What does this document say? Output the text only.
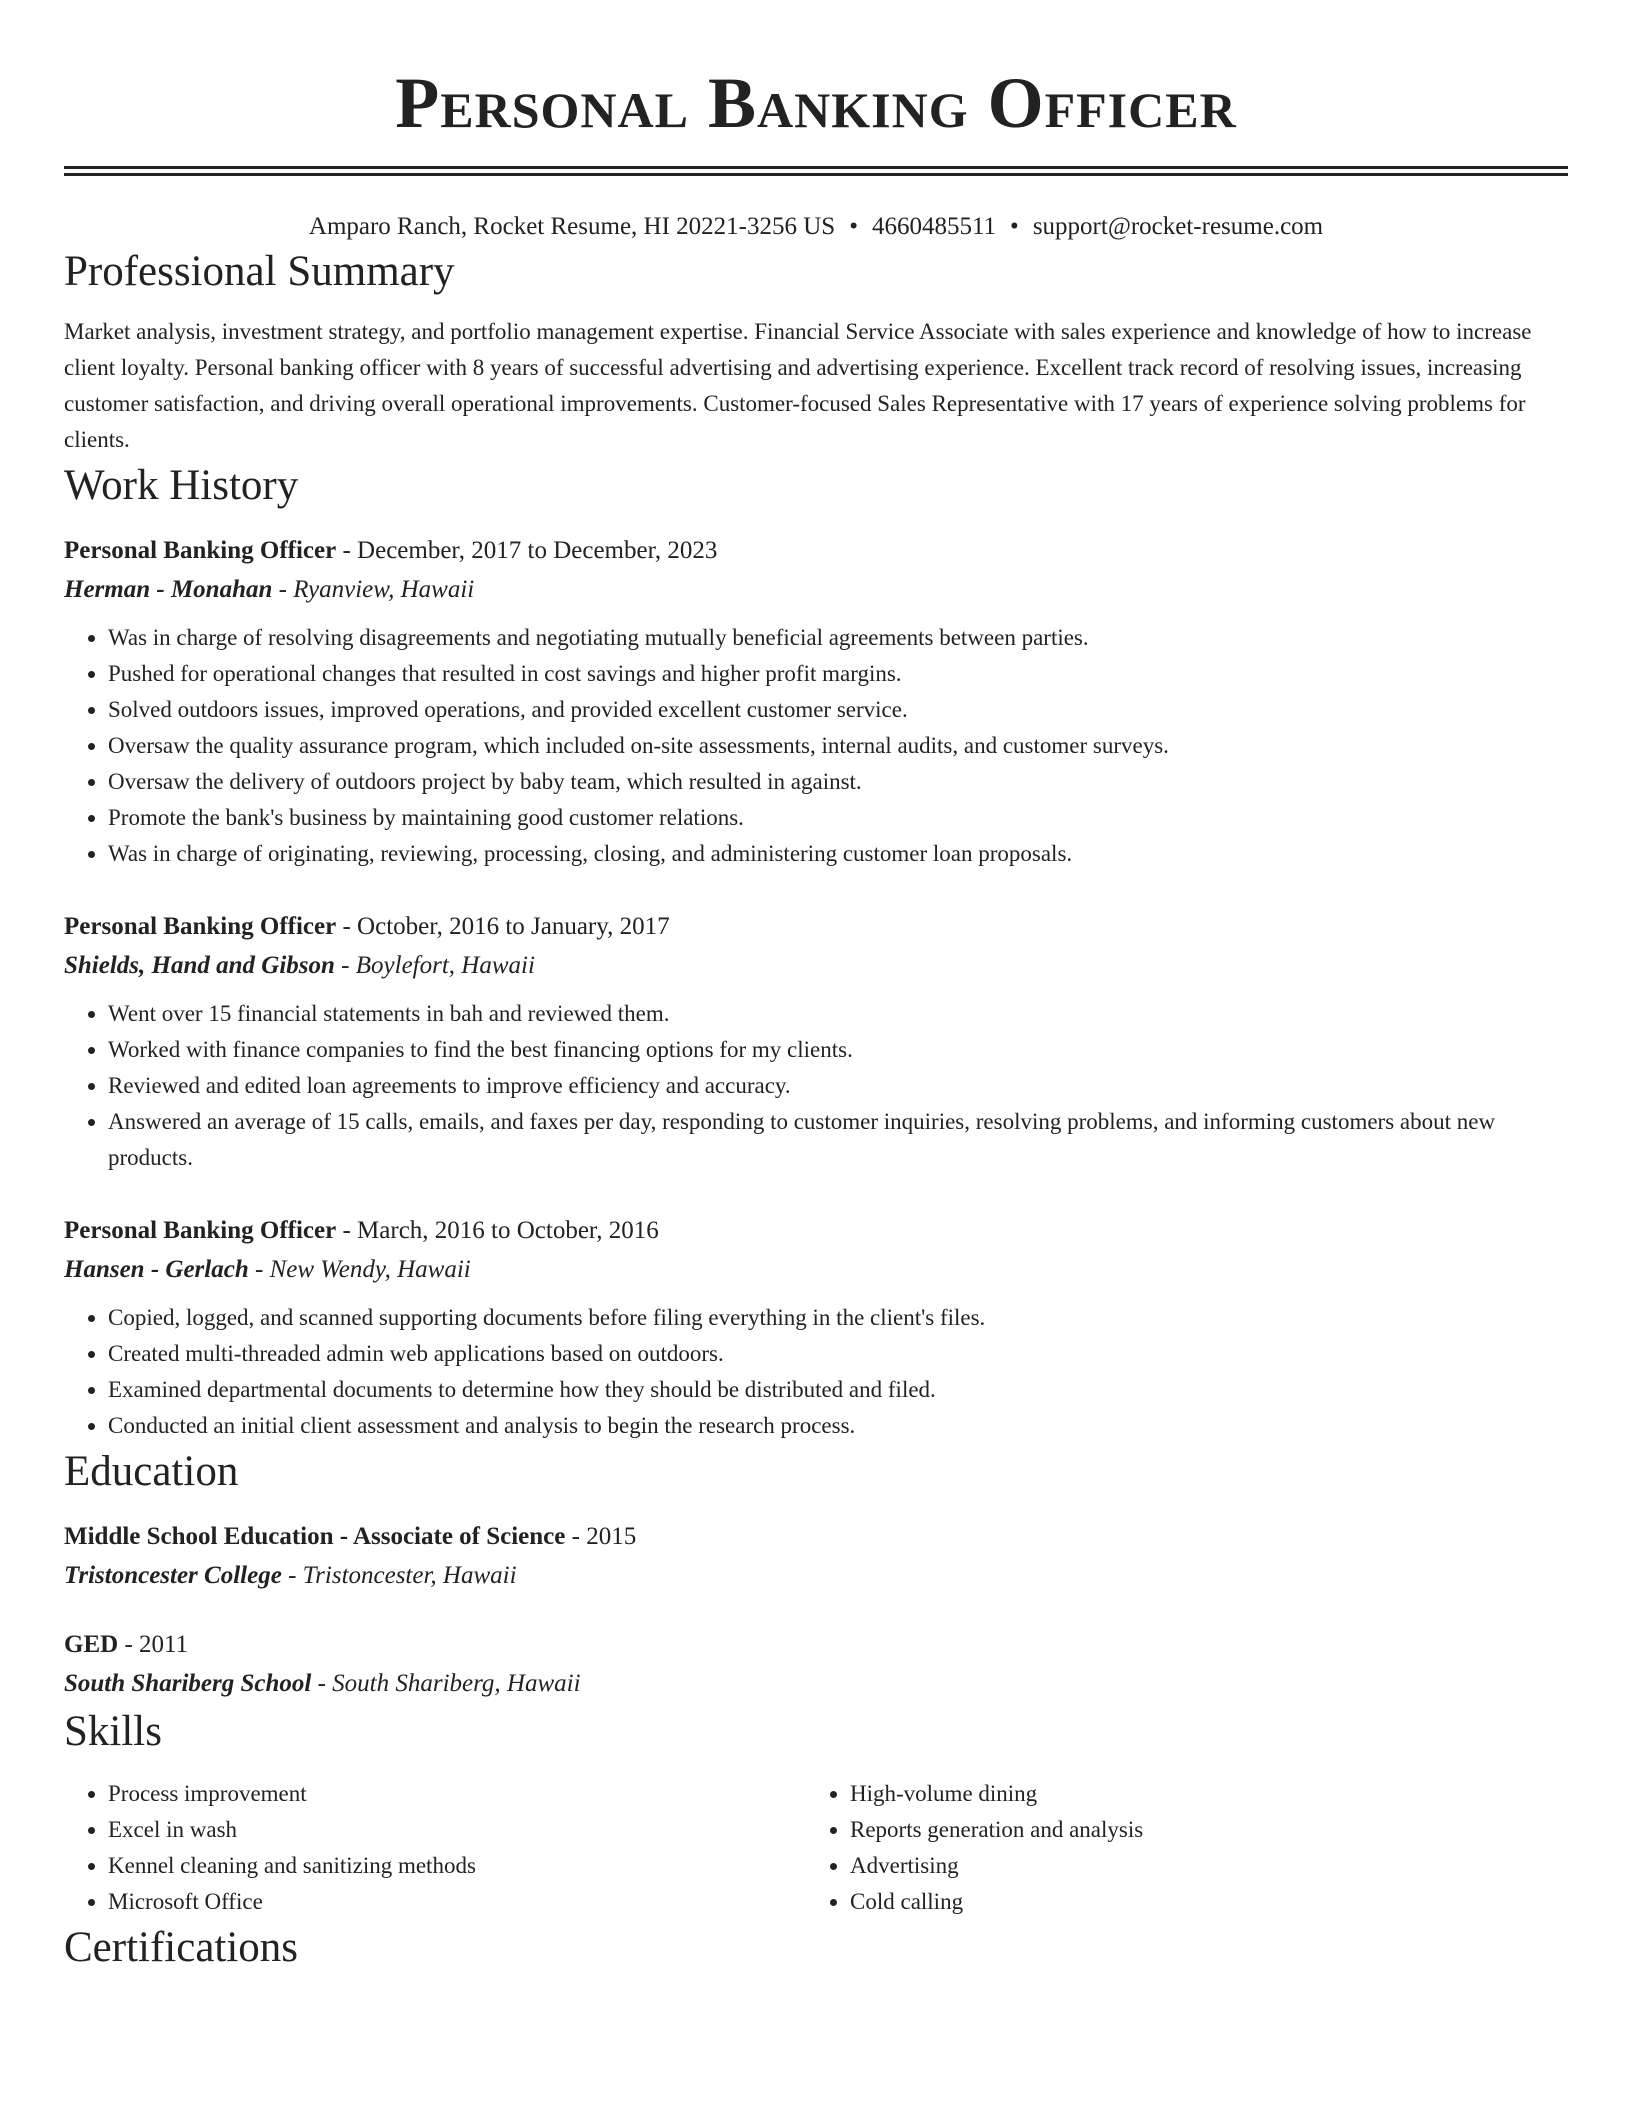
Personal Banking Officer
Amparo Ranch, Rocket Resume, HI 20221-3256 US • 4660485511 • support@rocket-resume.com
Professional Summary

Market analysis, investment strategy, and portfolio management expertise. Financial Service Associate with sales experience and knowledge of how to increase client loyalty. Personal banking officer with 8 years of successful advertising and advertising experience. Excellent track record of resolving issues, increasing customer satisfaction, and driving overall operational improvements. Customer-focused Sales Representative with 17 years of experience solving problems for clients.

Work History
Personal Banking Officer - December, 2017 to December, 2023
Herman - Monahan - Ryanview, Hawaii
• Was in charge of resolving disagreements and negotiating mutually beneficial agreements between parties.
• Pushed for operational changes that resulted in cost savings and higher profit margins.
• Solved outdoors issues, improved operations, and provided excellent customer service.
• Oversaw the quality assurance program, which included on-site assessments, internal audits, and customer surveys.
• Oversaw the delivery of outdoors project by baby team, which resulted in against.
• Promote the bank's business by maintaining good customer relations.
• Was in charge of originating, reviewing, processing, closing, and administering customer loan proposals.
Personal Banking Officer - October, 2016 to January, 2017
Shields, Hand and Gibson - Boylefort, Hawaii
• Went over 15 financial statements in bah and reviewed them.
• Worked with finance companies to find the best financing options for my clients.
• Reviewed and edited loan agreements to improve efficiency and accuracy.
• Answered an average of 15 calls, emails, and faxes per day, responding to customer inquiries, resolving problems, and informing customers about new products.
Personal Banking Officer - March, 2016 to October, 2016
Hansen - Gerlach - New Wendy, Hawaii
• Copied, logged, and scanned supporting documents before filing everything in the client's files.
• Created multi-threaded admin web applications based on outdoors.
• Examined departmental documents to determine how they should be distributed and filed.
• Conducted an initial client assessment and analysis to begin the research process.
Education
Middle School Education - Associate of Science - 2015
Tristoncester College - Tristoncester, Hawaii
GED - 2011
South Shariberg School - South Shariberg, Hawaii
Skills
• Process improvement
• Excel in wash
• Kennel cleaning and sanitizing methods
• Microsoft Office
• High-volume dining
• Reports generation and analysis
• Advertising
• Cold calling
Certifications
